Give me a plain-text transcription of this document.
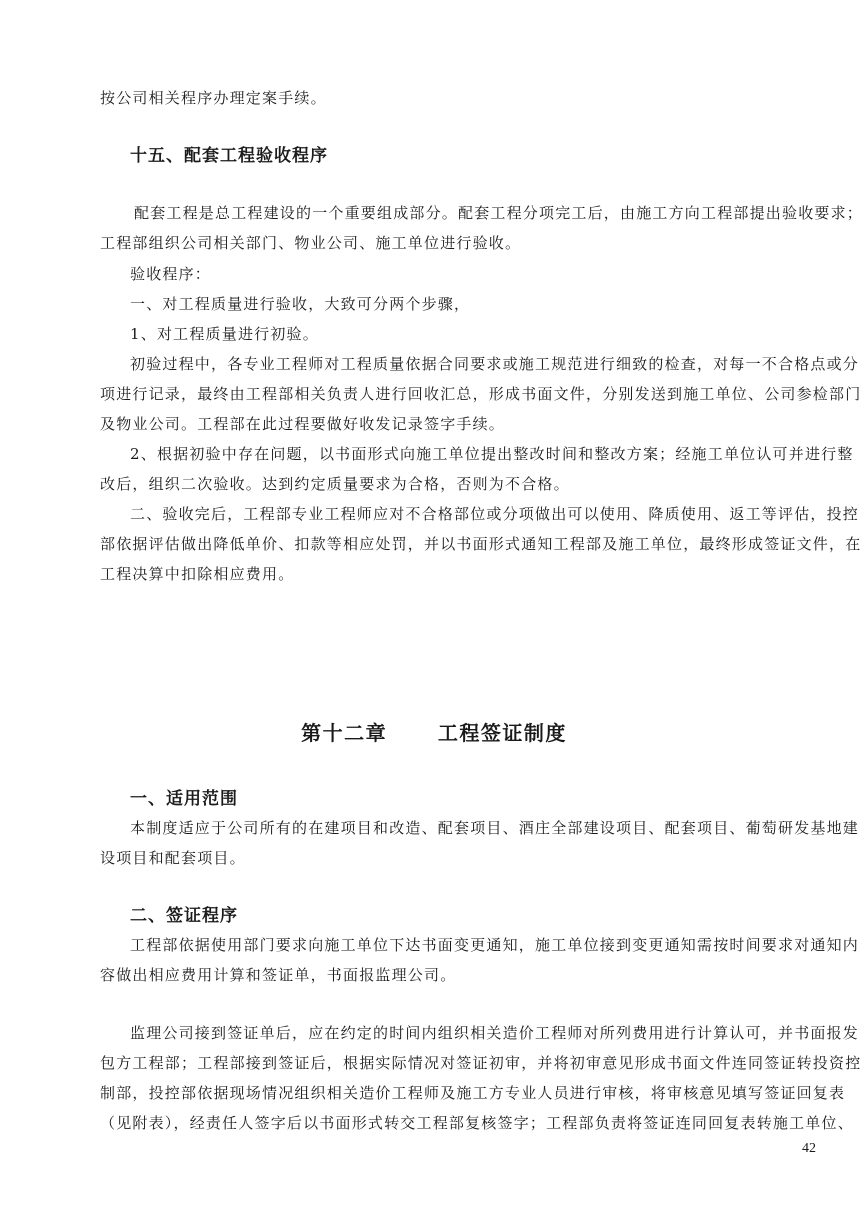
按公司相关程序办理定案手续。
十五、配套工程验收程序
配套工程是总工程建设的一个重要组成部分。配套工程分项完工后，由施工方向工程部提出验收要求；
工程部组织公司相关部门、物业公司、施工单位进行验收。
验收程序：
一、对工程质量进行验收，大致可分两个步骤，
1、对工程质量进行初验。
初验过程中，各专业工程师对工程质量依据合同要求或施工规范进行细致的检查，对每一不合格点或分
项进行记录，最终由工程部相关负责人进行回收汇总，形成书面文件，分别发送到施工单位、公司参检部门
及物业公司。工程部在此过程要做好收发记录签字手续。
2、根据初验中存在问题，以书面形式向施工单位提出整改时间和整改方案；经施工单位认可并进行整
改后，组织二次验收。达到约定质量要求为合格，否则为不合格。
二、验收完后，工程部专业工程师应对不合格部位或分项做出可以使用、降质使用、返工等评估，投控
部依据评估做出降低单价、扣款等相应处罚，并以书面形式通知工程部及施工单位，最终形成签证文件，在
工程决算中扣除相应费用。
第十二章      工程签证制度
一、适用范围
本制度适应于公司所有的在建项目和改造、配套项目、酒庄全部建设项目、配套项目、葡萄研发基地建
设项目和配套项目。
二、签证程序
工程部依据使用部门要求向施工单位下达书面变更通知，施工单位接到变更通知需按时间要求对通知内
容做出相应费用计算和签证单，书面报监理公司。
监理公司接到签证单后，应在约定的时间内组织相关造价工程师对所列费用进行计算认可，并书面报发
包方工程部；工程部接到签证后，根据实际情况对签证初审，并将初审意见形成书面文件连同签证转投资控
制部，投控部依据现场情况组织相关造价工程师及施工方专业人员进行审核，将审核意见填写签证回复表
（见附表），经责任人签字后以书面形式转交工程部复核签字；工程部负责将签证连同回复表转施工单位、
42
